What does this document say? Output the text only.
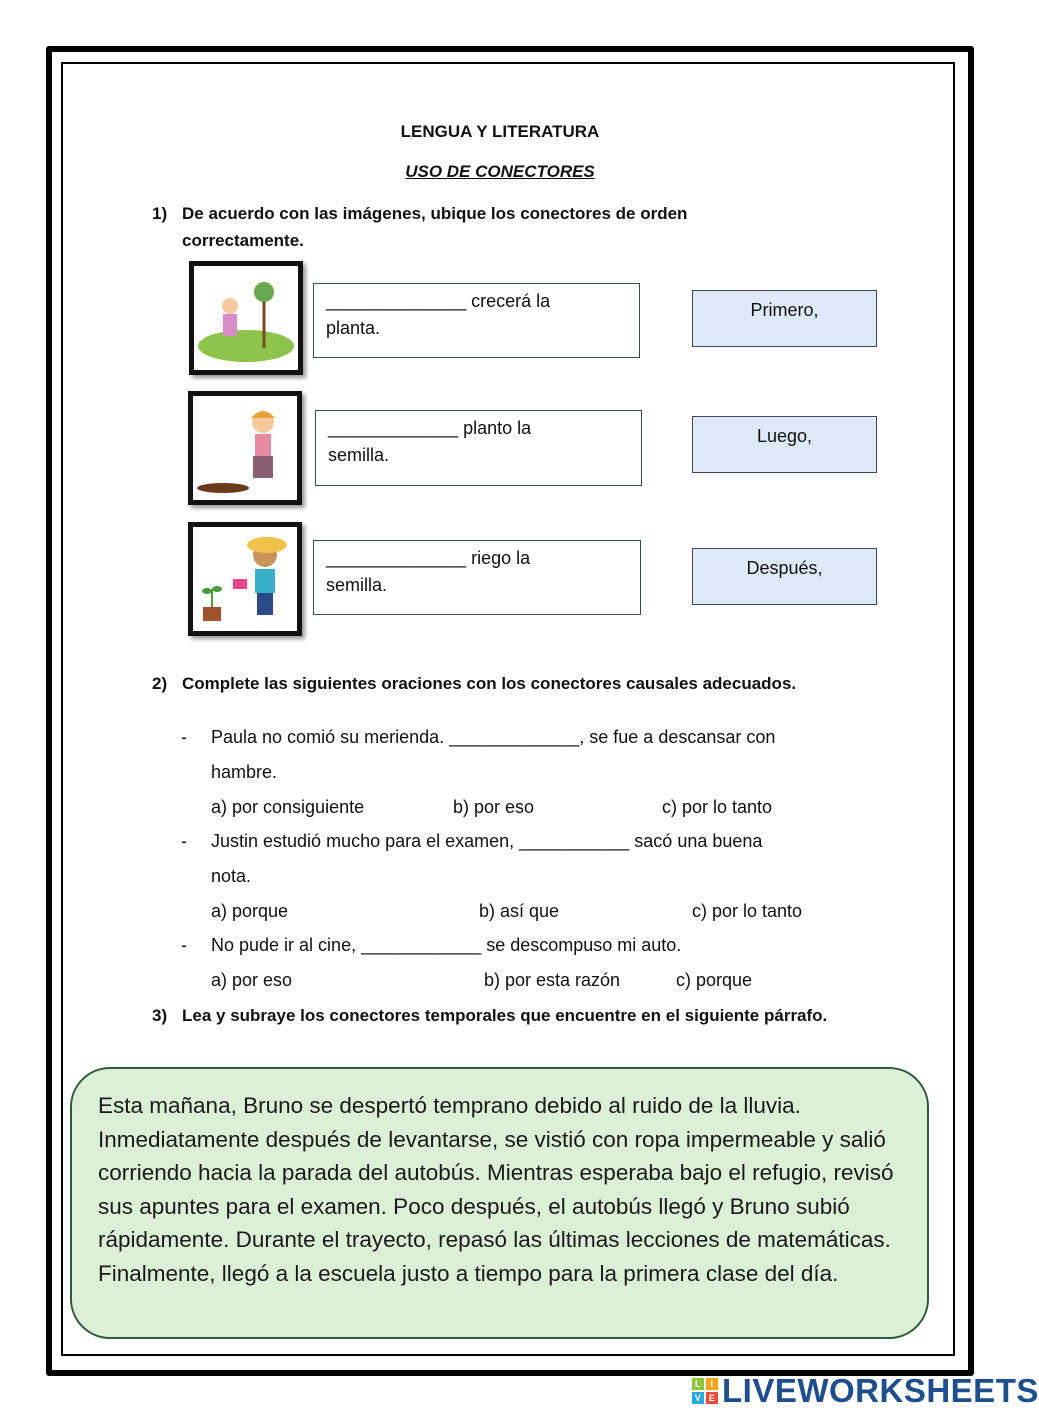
LENGUA Y LITERATURA
USO DE CONECTORES
1) De acuerdo con las imágenes, ubique los conectores de orden correctamente.
______________ crecerá la
planta.
_____________ planto la
semilla.
______________ riego la
semilla.
Primero,
Luego,
Después,
2) Complete las siguientes oraciones con los conectores causales adecuados.
- Paula no comió su merienda. _____________, se fue a descansar con
hambre.
a) por consiguiente	b) por eso	c) por lo tanto
- Justin estudió mucho para el examen, ___________ sacó una buena
nota.
a) porque	b) así que	c) por lo tanto
- No pude ir al cine, ____________ se descompuso mi auto.
a) por eso	b) por esta razón	c) porque
3) Lea y subraye los conectores temporales que encuentre en el siguiente párrafo.
Esta mañana, Bruno se despertó temprano debido al ruido de la lluvia. Inmediatamente después de levantarse, se vistió con ropa impermeable y salió corriendo hacia la parada del autobús. Mientras esperaba bajo el refugio, revisó sus apuntes para el examen. Poco después, el autobús llegó y Bruno subió rápidamente. Durante el trayecto, repasó las últimas lecciones de matemáticas. Finalmente, llegó a la escuela justo a tiempo para la primera clase del día.
L	I
V E LIVEWORKSHEETS
